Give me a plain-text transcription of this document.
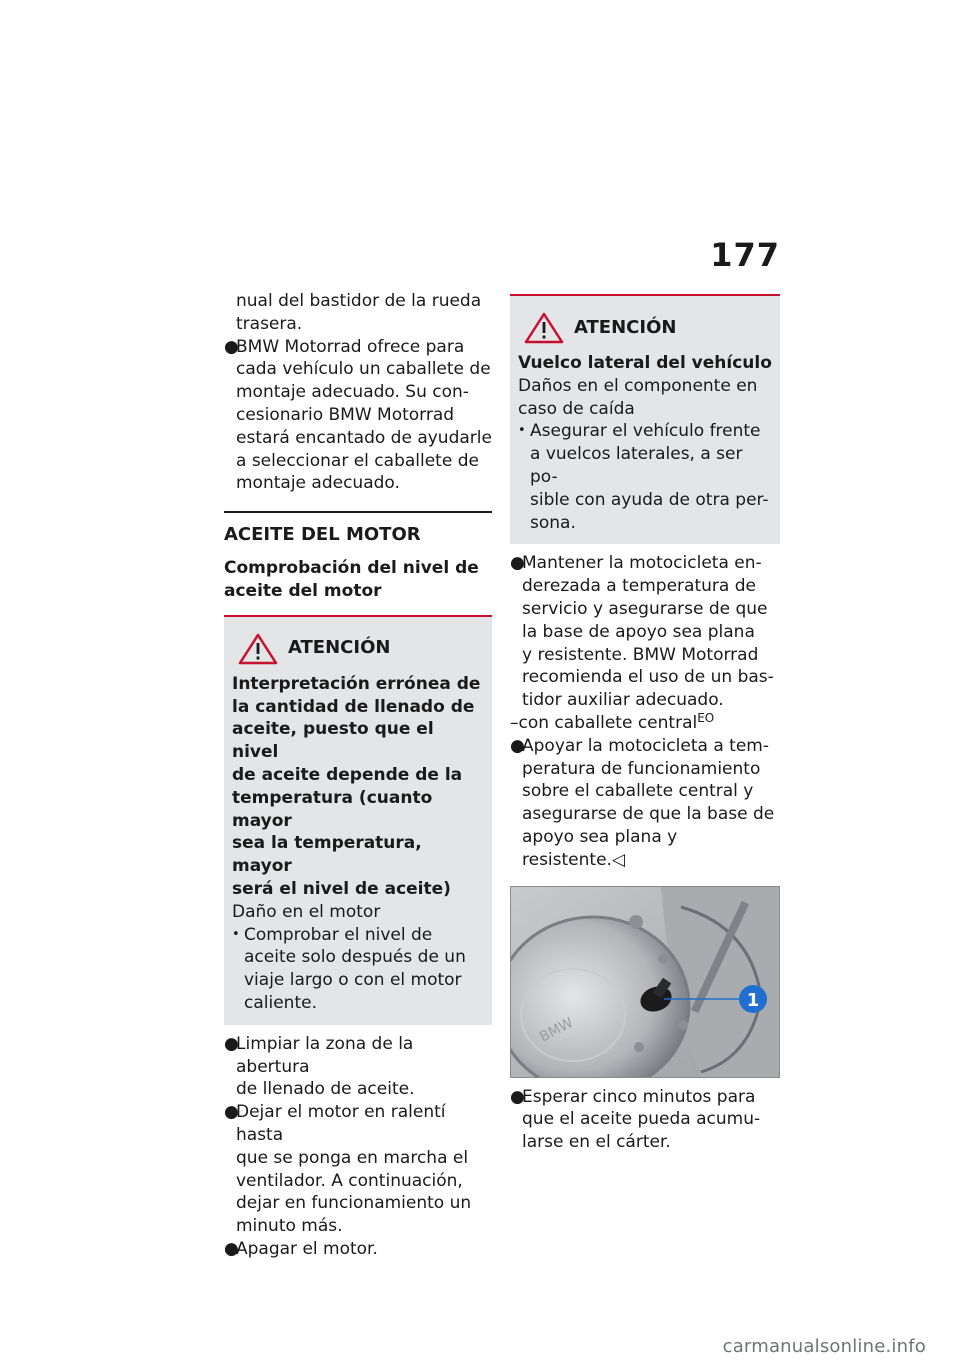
177
nual del bastidor de la rueda
trasera.
●
BMW Motorrad ofrece para
cada vehículo un caballete de
montaje adecuado. Su con-
cesionario BMW Motorrad
estará encantado de ayudarle
a seleccionar el caballete de
montaje adecuado.
ACEITE DEL MOTOR
Comprobación del nivel de
aceite del motor
ATENCIÓN
Interpretación errónea de
la cantidad de llenado de
aceite, puesto que el nivel
de aceite depende de la
temperatura (cuanto mayor
sea la temperatura, mayor
será el nivel de aceite)
Daño en el motor
• Comprobar el nivel de
aceite solo después de un
viaje largo o con el motor
caliente.
●
Limpiar la zona de la abertura
de llenado de aceite.
●
Dejar el motor en ralentí hasta
que se ponga en marcha el
ventilador. A continuación,
dejar en funcionamiento un
minuto más.
●
Apagar el motor.
ATENCIÓN
Vuelco lateral del vehículo
Daños en el componente en
caso de caída
• Asegurar el vehículo frente
a vuelcos laterales, a ser po-
sible con ayuda de otra per-
sona.
●
Mantener la motocicleta en-
derezada a temperatura de
servicio y asegurarse de que
la base de apoyo sea plana
y resistente. BMW Motorrad
recomienda el uso de un bas-
tidor auxiliar adecuado.
–con caballete central$^{EO}$
●
Apoyar la motocicleta a tem-
peratura de funcionamiento
sobre el caballete central y
asegurarse de que la base de
apoyo sea plana y resistente.◁
BMW
1
●
Esperar cinco minutos para
que el aceite pueda acumu-
larse en el cárter.
carmanualsonline.info
